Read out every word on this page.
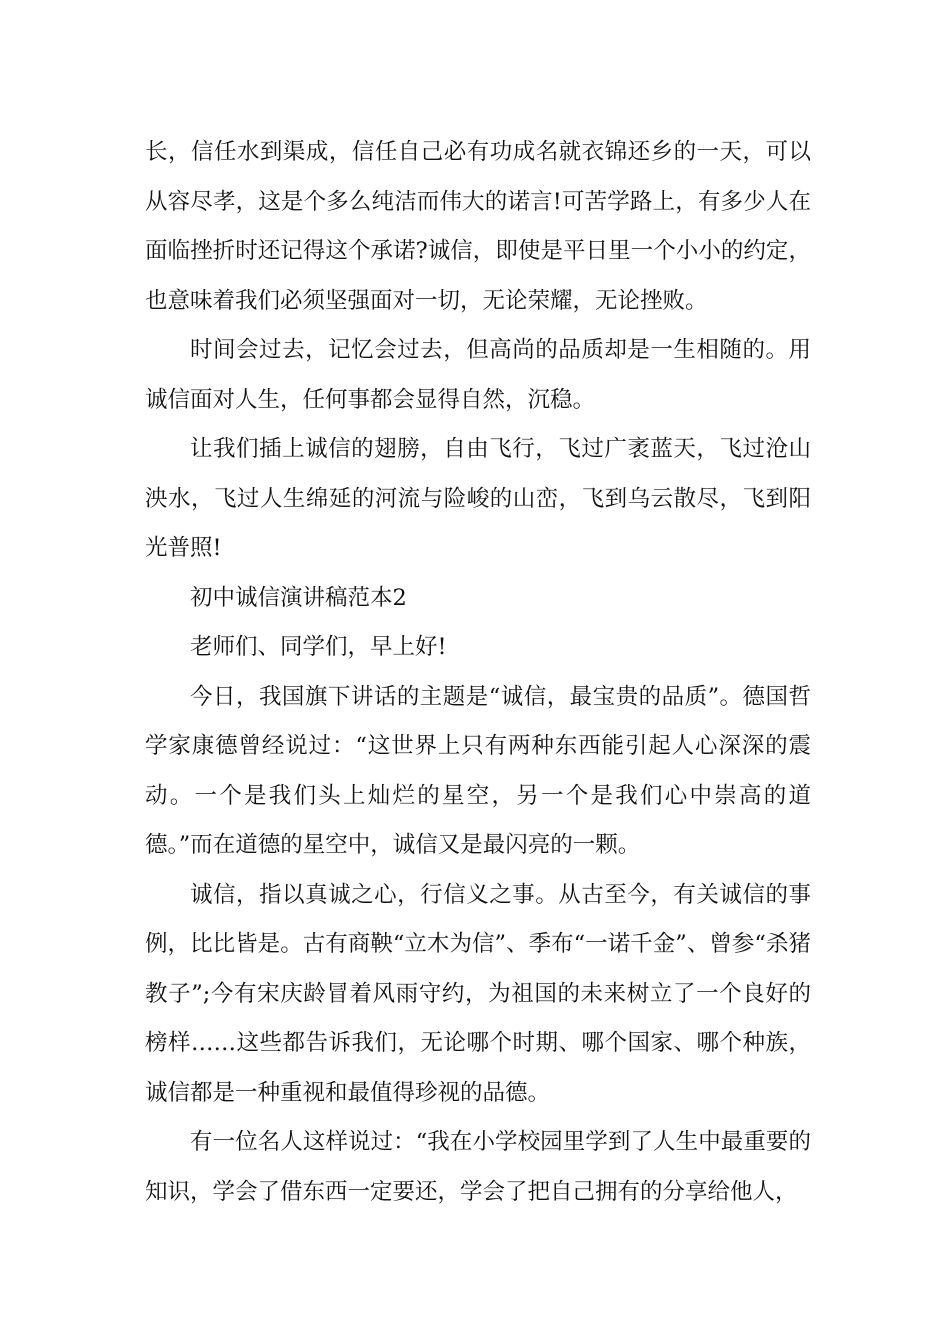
长，信任水到渠成，信任自己必有功成名就衣锦还乡的一天，可以从容尽孝，这是个多么纯洁而伟大的诺言!可苦学路上，有多少人在面临挫折时还记得这个承诺?诚信，即使是平日里一个小小的约定，也意味着我们必须坚强面对一切，无论荣耀，无论挫败。

时间会过去，记忆会过去，但高尚的品质却是一生相随的。用诚信面对人生，任何事都会显得自然，沉稳。

让我们插上诚信的翅膀，自由飞行，飞过广袤蓝天，飞过沧山泱水，飞过人生绵延的河流与险峻的山峦，飞到乌云散尽，飞到阳光普照!

初中诚信演讲稿范本2

老师们、同学们，早上好!

今日，我国旗下讲话的主题是“诚信，最宝贵的品质”。德国哲学家康德曾经说过：“这世界上只有两种东西能引起人心深深的震动。一个是我们头上灿烂的星空，另一个是我们心中崇高的道德。”而在道德的星空中，诚信又是最闪亮的一颗。

诚信，指以真诚之心，行信义之事。从古至今，有关诚信的事例，比比皆是。古有商鞅“立木为信”、季布“一诺千金”、曾参“杀猪教子”;今有宋庆龄冒着风雨守约，为祖国的未来树立了一个良好的榜样……这些都告诉我们，无论哪个时期、哪个国家、哪个种族，诚信都是一种重视和最值得珍视的品德。

有一位名人这样说过：“我在小学校园里学到了人生中最重要的知识，学会了借东西一定要还，学会了把自己拥有的分享给他人，
